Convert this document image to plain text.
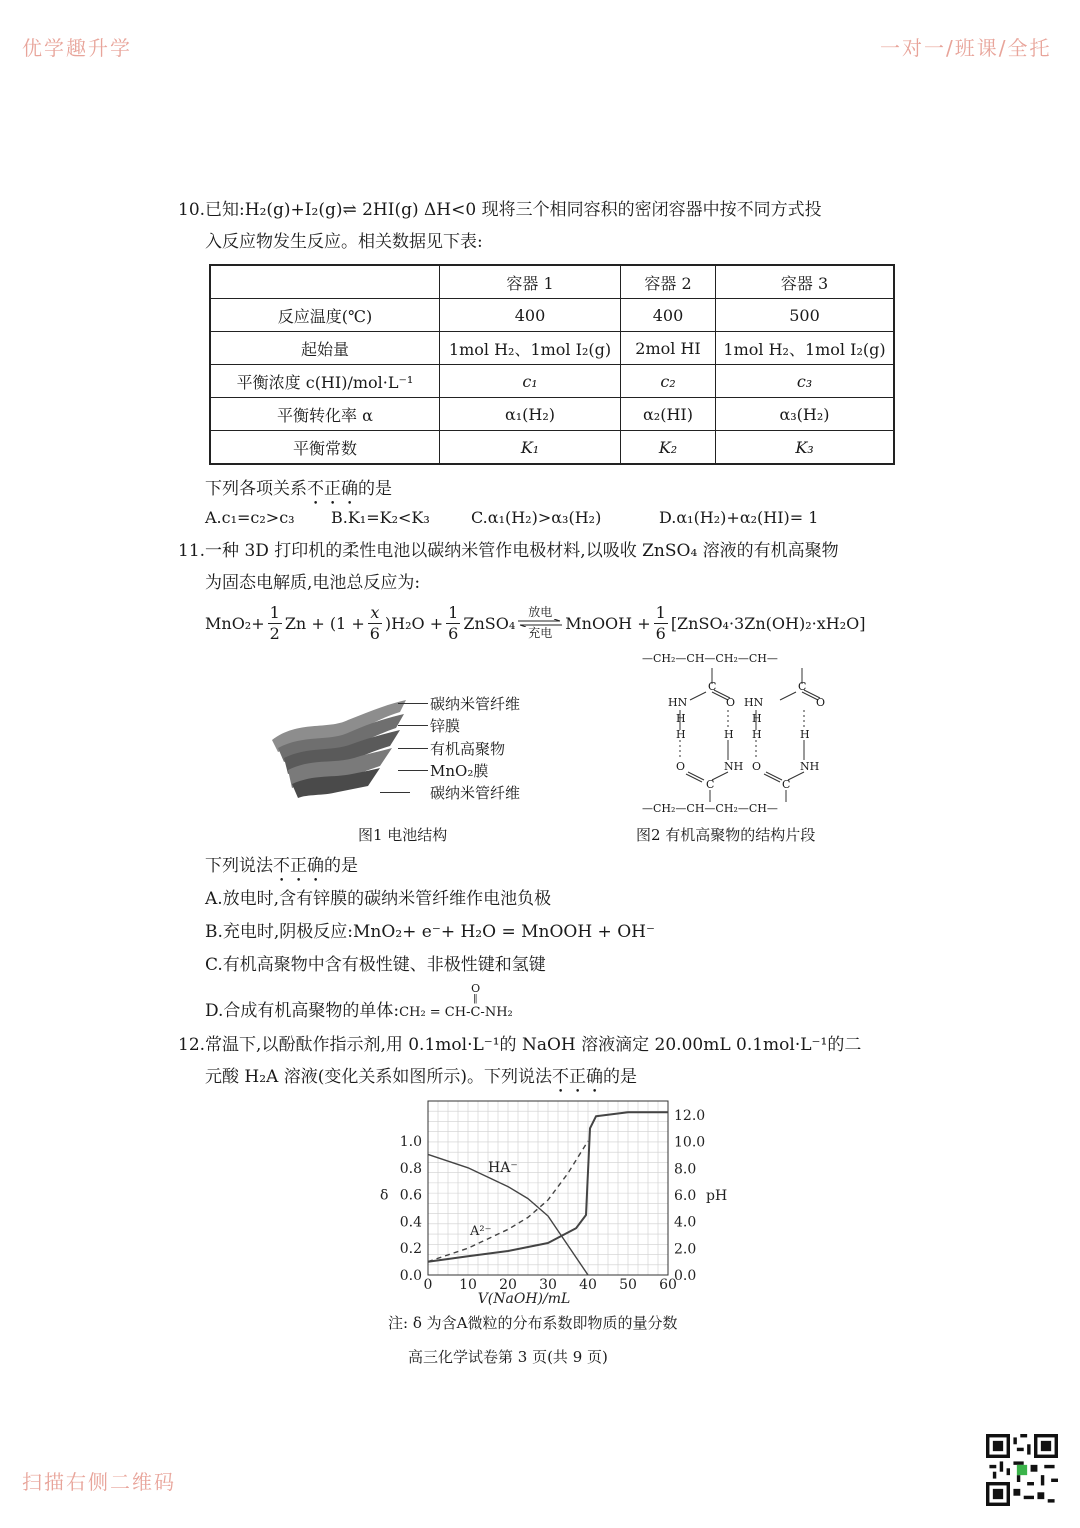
优学趣升学	一对一/班课/全托
扫描右侧二维码
10.已知:H₂(g)+I₂(g)⇌ 2HI(g) ΔH<0 现将三个相同容积的密闭容器中按不同方式投
入反应物发生反应。相关数据见下表:
	容器 1	容器 2	容器 3
反应温度(℃)	400	400	500
起始量	1mol H₂、1mol I₂(g)	2mol HI	1mol H₂、1mol I₂(g)
平衡浓度 c(HI)/mol·L⁻¹	c₁	c₂	c₃
平衡转化率 α	α₁(H₂)	α₂(HI)	α₃(H₂)
平衡常数	K₁	K₂	K₃
下列各项关系不正确的是
A.c₁=c₂>c₃ B.K₁=K₂<K₃	C.α₁(H₂)>α₃(H₂)	D.α₁(H₂)+α₂(HI)= 1
11.一种 3D 打印机的柔性电池以碳纳米管作电极材料,以吸收 ZnSO₄ 溶液的有机高聚物
为固态电解质,电池总反应为:
$MnO_2+ \frac{1}{2}$ $Zn + (1 + \frac{x}{6} )H_2O + \frac{1}{6}$ ZnSO₄
放电
充电
MnOOH + $\frac{1}{6}$ [ZnSO₄·3Zn(OH)₂·xH₂O]
碳纳米管纤维
锌膜
有机高聚物
MnO₂膜
碳纳米管纤维
图1 电池结构
—CH₂—CH—CH₂—CH—
—CH₂—CH—CH₂—CH—
C
O
HN
H
NH
O
C
HN	O
H
NH
O
C	C
H	H
H	H
图2 有机高聚物的结构片段
下列说法不正确的是
A.放电时,含有锌膜的碳纳米管纤维作电池负极
B.充电时,阴极反应:MnO₂+ e⁻+ H₂O = MnOOH + OH⁻
C.有机高聚物中含有极性键、非极性键和氢键
D.合成有机高聚物的单体:
O
‖
CH₂ = CH-C-NH₂
12.常温下,以酚酞作指示剂,用 0.1mol·L⁻¹的 NaOH 溶液滴定 20.00mL 0.1mol·L⁻¹的二
元酸 H₂A 溶液(变化关系如图所示)。下列说法不正确的是
0 10 20 30 40 50 60
0.0
0.2
0.4
0.6
0.8
1.0
0.0
2.0
4.0
6.0
8.0
10.0
12.0
V(NaOH)/mL
δ	pH
HA⁻
A²⁻
注: δ 为含A微粒的分布系数即物质的量分数
高三化学试卷第 3 页(共 9 页)
